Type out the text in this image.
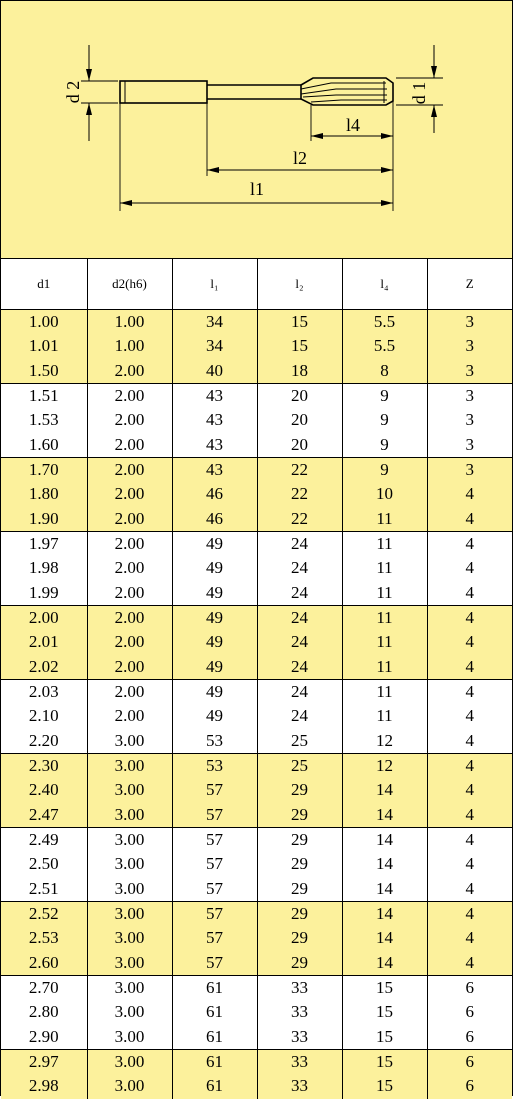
d 2	d 1
l4
l2
l1
d1	d2(h6)	l₁	l₂	l₄	Z
1.00	1.00	34	15	5.5	3
1.01	1.00	34	15	5.5	3
1.50	2.00	40	18	8	3
1.51	2.00	43	20	9	3
1.53	2.00	43	20	9	3
1.60	2.00	43	20	9	3
1.70	2.00	43	22	9	3
1.80	2.00	46	22	10	4
1.90	2.00	46	22	11	4
1.97	2.00	49	24	11	4
1.98	2.00	49	24	11	4
1.99	2.00	49	24	11	4
2.00	2.00	49	24	11	4
2.01	2.00	49	24	11	4
2.02	2.00	49	24	11	4
2.03	2.00	49	24	11	4
2.10	2.00	49	24	11	4
2.20	3.00	53	25	12	4
2.30	3.00	53	25	12	4
2.40	3.00	57	29	14	4
2.47	3.00	57	29	14	4
2.49	3.00	57	29	14	4
2.50	3.00	57	29	14	4
2.51	3.00	57	29	14	4
2.52	3.00	57	29	14	4
2.53	3.00	57	29	14	4
2.60	3.00	57	29	14	4
2.70	3.00	61	33	15	6
2.80	3.00	61	33	15	6
2.90	3.00	61	33	15	6
2.97	3.00	61	33	15	6
2.98	3.00	61	33	15	6
